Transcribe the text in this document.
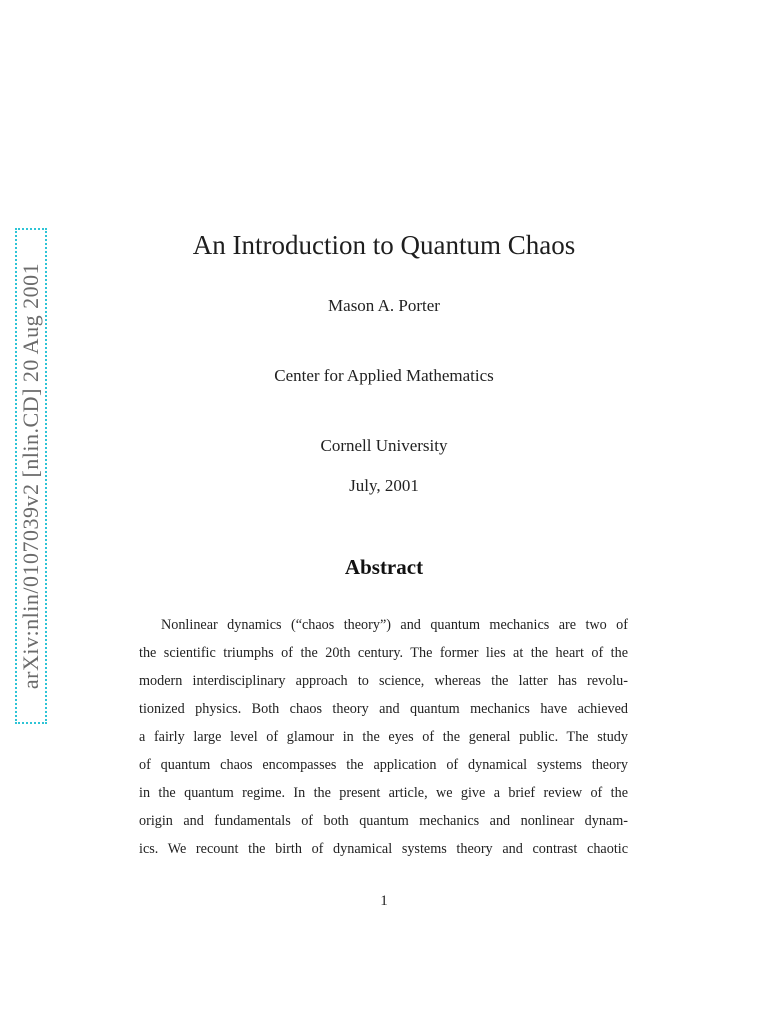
arXiv:nlin/0107039v2 [nlin.CD] 20 Aug 2001
An Introduction to Quantum Chaos
Mason A. Porter
Center for Applied Mathematics
Cornell University
July, 2001
Abstract
Nonlinear dynamics (“chaos theory”) and quantum mechanics are two of
the scientific triumphs of the 20th century. The former lies at the heart of the
modern interdisciplinary approach to science, whereas the latter has revolu-
tionized physics. Both chaos theory and quantum mechanics have achieved
a fairly large level of glamour in the eyes of the general public. The study
of quantum chaos encompasses the application of dynamical systems theory
in the quantum regime. In the present article, we give a brief review of the
origin and fundamentals of both quantum mechanics and nonlinear dynam-
ics. We recount the birth of dynamical systems theory and contrast chaotic
1
